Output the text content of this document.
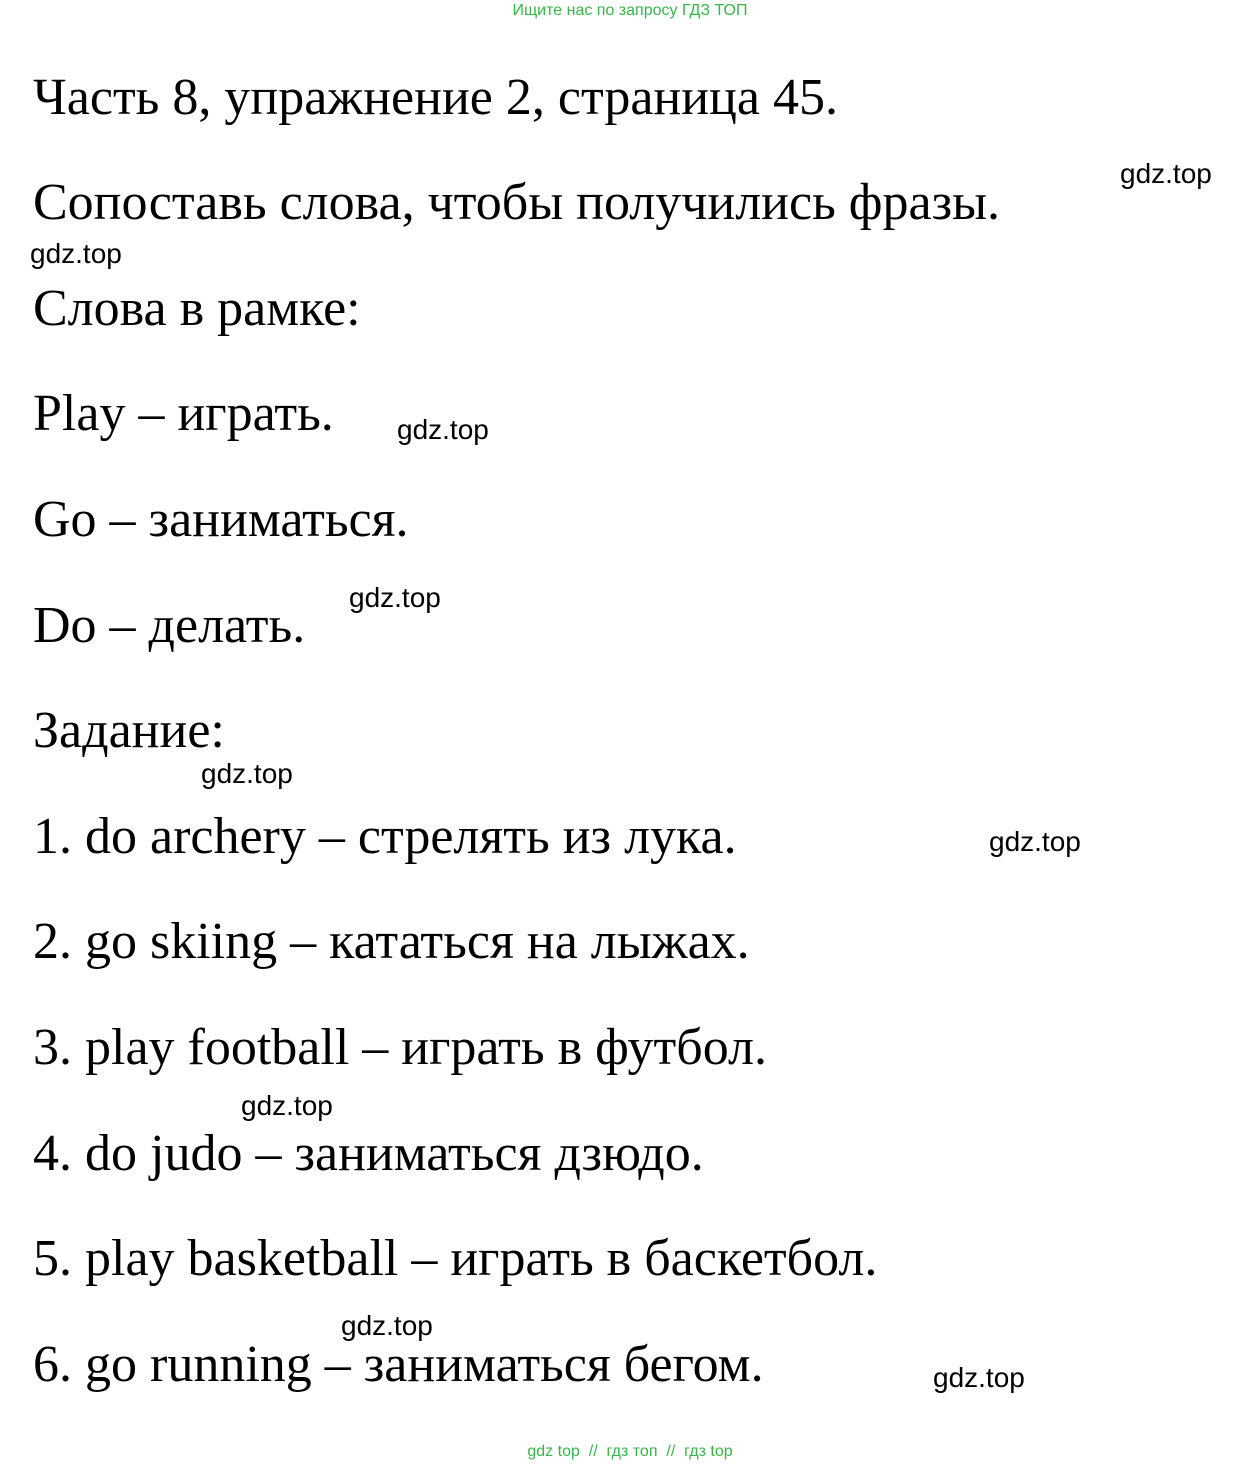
Ищите нас по запросу ГДЗ ТОП
Часть 8, упражнение 2, страница 45.

Сопоставь слова, чтобы получились фразы.

Слова в рамке:

Play – играть.

Go – заниматься.

Do – делать.

Задание:

1. do archery – стрелять из лука.

2. go skiing – кататься на лыжах.

3. play football – играть в футбол.

4. do judo – заниматься дзюдо.

5. play basketball – играть в баскетбол.

6. go running – заниматься бегом.

gdz.top
gdz.top
gdz.top
gdz.top
gdz.top
gdz.top
gdz.top
gdz.top
gdz.top
gdz top  //  гдз топ  //  гдз top
